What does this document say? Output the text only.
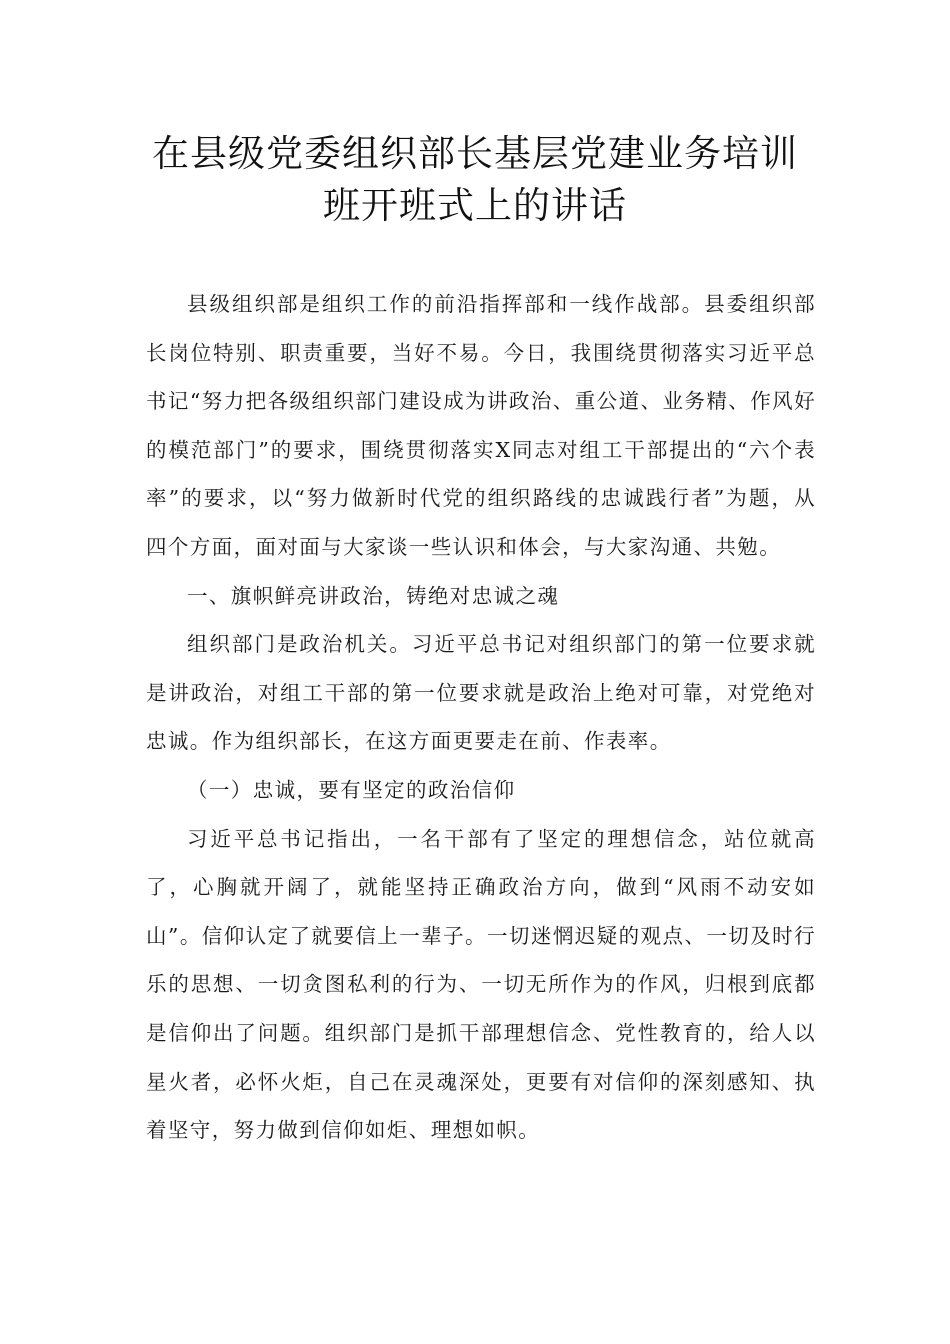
在县级党委组织部长基层党建业务培训
班开班式上的讲话

县级组织部是组织工作的前沿指挥部和一线作战部。县委组织部长岗位特别、职责重要，当好不易。今日，我围绕贯彻落实习近平总书记“努力把各级组织部门建设成为讲政治、重公道、业务精、作风好的模范部门”的要求，围绕贯彻落实X同志对组工干部提出的“六个表率”的要求，以“努力做新时代党的组织路线的忠诚践行者”为题，从四个方面，面对面与大家谈一些认识和体会，与大家沟通、共勉。

一、旗帜鲜亮讲政治，铸绝对忠诚之魂

组织部门是政治机关。习近平总书记对组织部门的第一位要求就是讲政治，对组工干部的第一位要求就是政治上绝对可靠，对党绝对忠诚。作为组织部长，在这方面更要走在前、作表率。

（一）忠诚，要有坚定的政治信仰

习近平总书记指出，一名干部有了坚定的理想信念，站位就高了，心胸就开阔了，就能坚持正确政治方向，做到“风雨不动安如山”。信仰认定了就要信上一辈子。一切迷惘迟疑的观点、一切及时行乐的思想、一切贪图私利的行为、一切无所作为的作风，归根到底都是信仰出了问题。组织部门是抓干部理想信念、党性教育的，给人以星火者，必怀火炬，自己在灵魂深处，更要有对信仰的深刻感知、执着坚守，努力做到信仰如炬、理想如帜。
